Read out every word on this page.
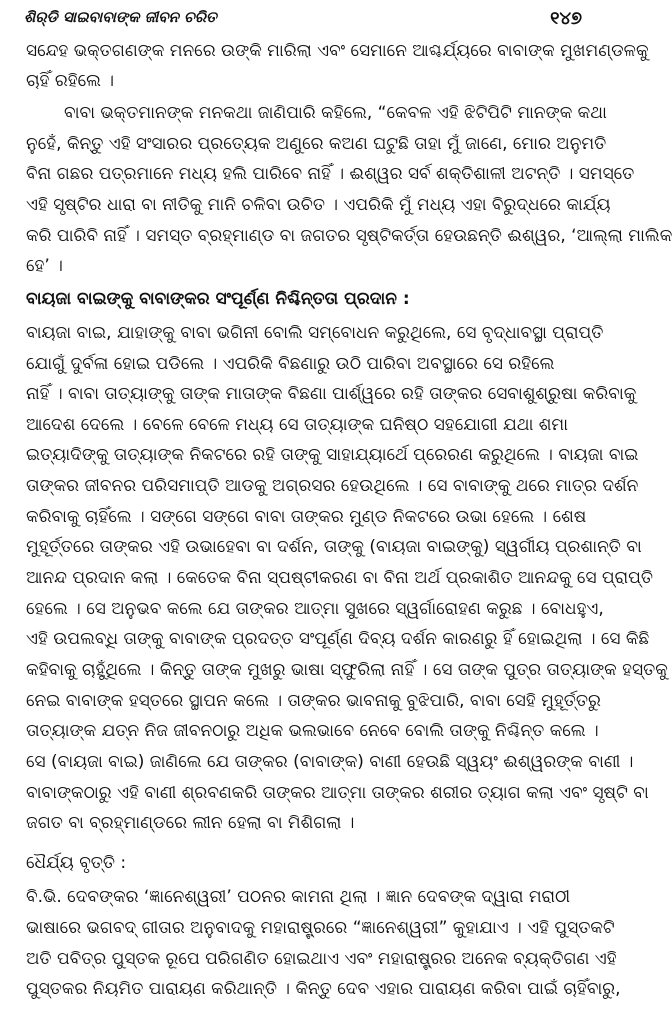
ଶିର୍‌ଡି ସାଇବାବାଙ୍କ ଜୀବନ ଚରିତ	୧୪୭
ସନ୍ଦେହ ଭକ୍ତଗଣଙ୍କ ମନରେ ଉଙ୍କି ମାରିଲା ଏବଂ ସେମାନେ ଆଶ୍ଚର୍ଯ୍ୟରେ ବାବାଙ୍କ ମୁଖମଣ୍ଡଳକୁ
ଚାହିଁ ରହିଲେ ।
ବାବା ଭକ୍ତମାନଙ୍କ ମନକଥା ଜାଣିପାରି କହିଲେ, “କେବଳ ଏହି ଝିଟିପିଟି ମାନଙ୍କ କଥା
ନୁହେଁ, କିନ୍ତୁ ଏହି ସଂସାରର ପ୍ରତ୍ୟେକ ଅଣୁରେ କଅଣ ଘଟୁଛି ତାହା ମୁଁ ଜାଣେ, ମୋର ଅନୁମତି
ବିନା ଗଛର ପତ୍ରମାନେ ମଧ୍ୟ ହଲି ପାରିବେ ନାହିଁ । ଈଶ୍ୱର ସର୍ବ ଶକ୍ତିଶାଳୀ ଅଟନ୍ତି । ସମସ୍ତେ
ଏହି ସୃଷ୍ଟିର ଧାରା ବା ନୀତିକୁ ମାନି ଚଳିବା ଉଚିତ । ଏପରିକି ମୁଁ ମଧ୍ୟ ଏହା ବିରୁଦ୍ଧରେ କାର୍ଯ୍ୟ
କରି ପାରିବି ନାହିଁ । ସମସ୍ତ ବ୍ରହ୍ମାଣ୍ଡ ବା ଜଗତର ସୃଷ୍ଟିକର୍ତ୍ତା ହେଉଛନ୍ତି ଈଶ୍ୱର, ‘ଆଲ୍ଲା ମାଲିକ
ହେ’ ।
ବାୟଜା ବାଇଙ୍କୁ ବାବାଙ୍କର ସଂପୂର୍ଣ୍ଣ ନିଶ୍ଚିନ୍ତତା ପ୍ରଦାନ :
ବାୟଜା ବାଇ, ଯାହାଙ୍କୁ ବାବା ଭଗିନୀ ବୋଲି ସମ୍ବୋଧନ କରୁଥିଲେ, ସେ ବୃଦ୍ଧାବସ୍ଥା ପ୍ରାପ୍ତି
ଯୋଗୁଁ ଦୁର୍ବଳା ହୋଇ ପଡିଲେ । ଏପରିକି ବିଛଣାରୁ ଉଠି ପାରିବା ଅବସ୍ଥାରେ ସେ ରହିଲେ
ନାହିଁ । ବାବା ତାତ୍ୟାଙ୍କୁ ତାଙ୍କ ମାତାଙ୍କ ବିଛଣା ପାର୍ଶ୍ୱରେ ରହି ତାଙ୍କର ସେବାଶୁଶ୍ରୁଷା କରିବାକୁ
ଆଦେଶ ଦେଲେ । ବେଳେ ବେଳେ ମଧ୍ୟ ସେ ତାତ୍ୟାଙ୍କ ଘନିଷ୍ଠ ସହଯୋଗୀ ଯଥା ଶମା
ଇତ୍ୟାଦିଙ୍କୁ ତାତ୍ୟାଙ୍କ ନିକଟରେ ରହି ତାଙ୍କୁ ସାହାଯ୍ୟାର୍ଥେ ପ୍ରେରଣ କରୁଥିଲେ । ବାୟଜା ବାଇ
ତାଙ୍କର ଜୀବନର ପରିସମାପ୍ତି ଆଡକୁ ଅଗ୍ରସର ହେଉଥିଲେ । ସେ ବାବାଙ୍କୁ ଥରେ ମାତ୍ର ଦର୍ଶନ
କରିବାକୁ ଚାହିଁଲେ । ସଙ୍ଗେ ସଙ୍ଗେ ବାବା ତାଙ୍କର ମୁଣ୍ଡ ନିକଟରେ ଉଭା ହେଲେ । ଶେଷ
ମୁହୂର୍ତ୍ତରେ ତାଙ୍କର ଏହି ଉଭାହେବା ବା ଦର୍ଶନ, ତାଙ୍କୁ (ବାୟଜା ବାଇଙ୍କୁ) ସ୍ୱର୍ଗୀୟ ପ୍ରଶାନ୍ତି ବା
ଆନନ୍ଦ ପ୍ରଦାନ କଲା । କେତେକ ବିନା ସ୍ପଷ୍ଟୀକରଣ ବା ବିନା ଅର୍ଥ ପ୍ରକାଶିତ ଆନନ୍ଦକୁ ସେ ପ୍ରାପ୍ତି
ହେଲେ । ସେ ଅନୁଭବ କଲେ ଯେ ତାଙ୍କର ଆତ୍ମା ସୁଖରେ ସ୍ୱର୍ଗାରୋହଣ କରୁଛ । ବୋଧହୁଏ,
ଏହି ଉପଲବ୍ଧି ତାଙ୍କୁ ବାବାଙ୍କ ପ୍ରଦତ୍ତ ସଂପୂର୍ଣ୍ଣ ଦିବ୍ୟ ଦର୍ଶନ କାରଣରୁ ହିଁ ହୋଇଥିଲା । ସେ କିଛି
କହିବାକୁ ଚାହୁଁଥିଲେ । କିନ୍ତୁ ତାଙ୍କ ମୁଖରୁ ଭାଷା ସ୍ଫୁରିଲା ନାହିଁ । ସେ ତାଙ୍କ ପୁତ୍ର ତାତ୍ୟାଙ୍କ ହସ୍ତକୁ
ନେଇ ବାବାଙ୍କ ହସ୍ତରେ ସ୍ଥାପନ କଲେ । ତାଙ୍କର ଭାବନାକୁ ବୁଝିପାରି, ବାବା ସେହି ମୁହୂର୍ତ୍ତରୁ
ତାତ୍ୟାଙ୍କ ଯତ୍ନ ନିଜ ଜୀବନଠାରୁ ଅଧିକ ଭଲଭାବେ ନେବେ ବୋଲି ତାଙ୍କୁ ନିଶ୍ଚିନ୍ତ କଲେ ।
ସେ (ବାୟଜା ବାଇ) ଜାଣିଲେ ଯେ ତାଙ୍କର (ବାବାଙ୍କ) ବାଣୀ ହେଉଛି ସ୍ୱୟଂ ଈଶ୍ୱରଙ୍କ ବାଣୀ ।
ବାବାଙ୍କଠାରୁ ଏହି ବାଣୀ ଶ୍ରବଣକରି ତାଙ୍କର ଆତ୍ମା ତାଙ୍କର ଶରୀର ତ୍ୟାଗ କଲା ଏବଂ ସୃଷ୍ଟି ବା
ଜଗତ ବା ବ୍ରହ୍ମାଣ୍ଡରେ ଲୀନ ହେଲା ବା ମିଶିଗଲା ।
ଧୈର୍ଯ୍ୟ ବୃତ୍ତି :
ବି.ଭି. ଦେବଙ୍କର ‘ଜ୍ଞାନେଶ୍ୱରୀ’ ପଠନର କାମନା ଥିଲା । ଜ୍ଞାନ ଦେବଙ୍କ ଦ୍ୱାରା ମରାଠୀ
ଭାଷାରେ ଭଗବଦ୍‌ ଗୀତାର ଅନୁବାଦକୁ ମହାରାଷ୍ଟ୍ରରେ “ଜ୍ଞାନେଶ୍ୱରୀ” କୁହାଯାଏ । ଏହି ପୁସ୍ତକଟି
ଅତି ପବିତ୍ର ପୁସ୍ତକ ରୂପେ ପରିଗଣିତ ହୋଇଥାଏ ଏବଂ ମହାରାଷ୍ଟ୍ରର ଅନେକ ବ୍ୟକ୍ତିଗଣ ଏହି
ପୁସ୍ତକର ନିୟମିତ ପାରାୟଣ କରିଥାନ୍ତି । କିନ୍ତୁ ଦେବ ଏହାର ପାରାୟଣ କରିବା ପାଇଁ ଚାହିଁବାରୁ,
